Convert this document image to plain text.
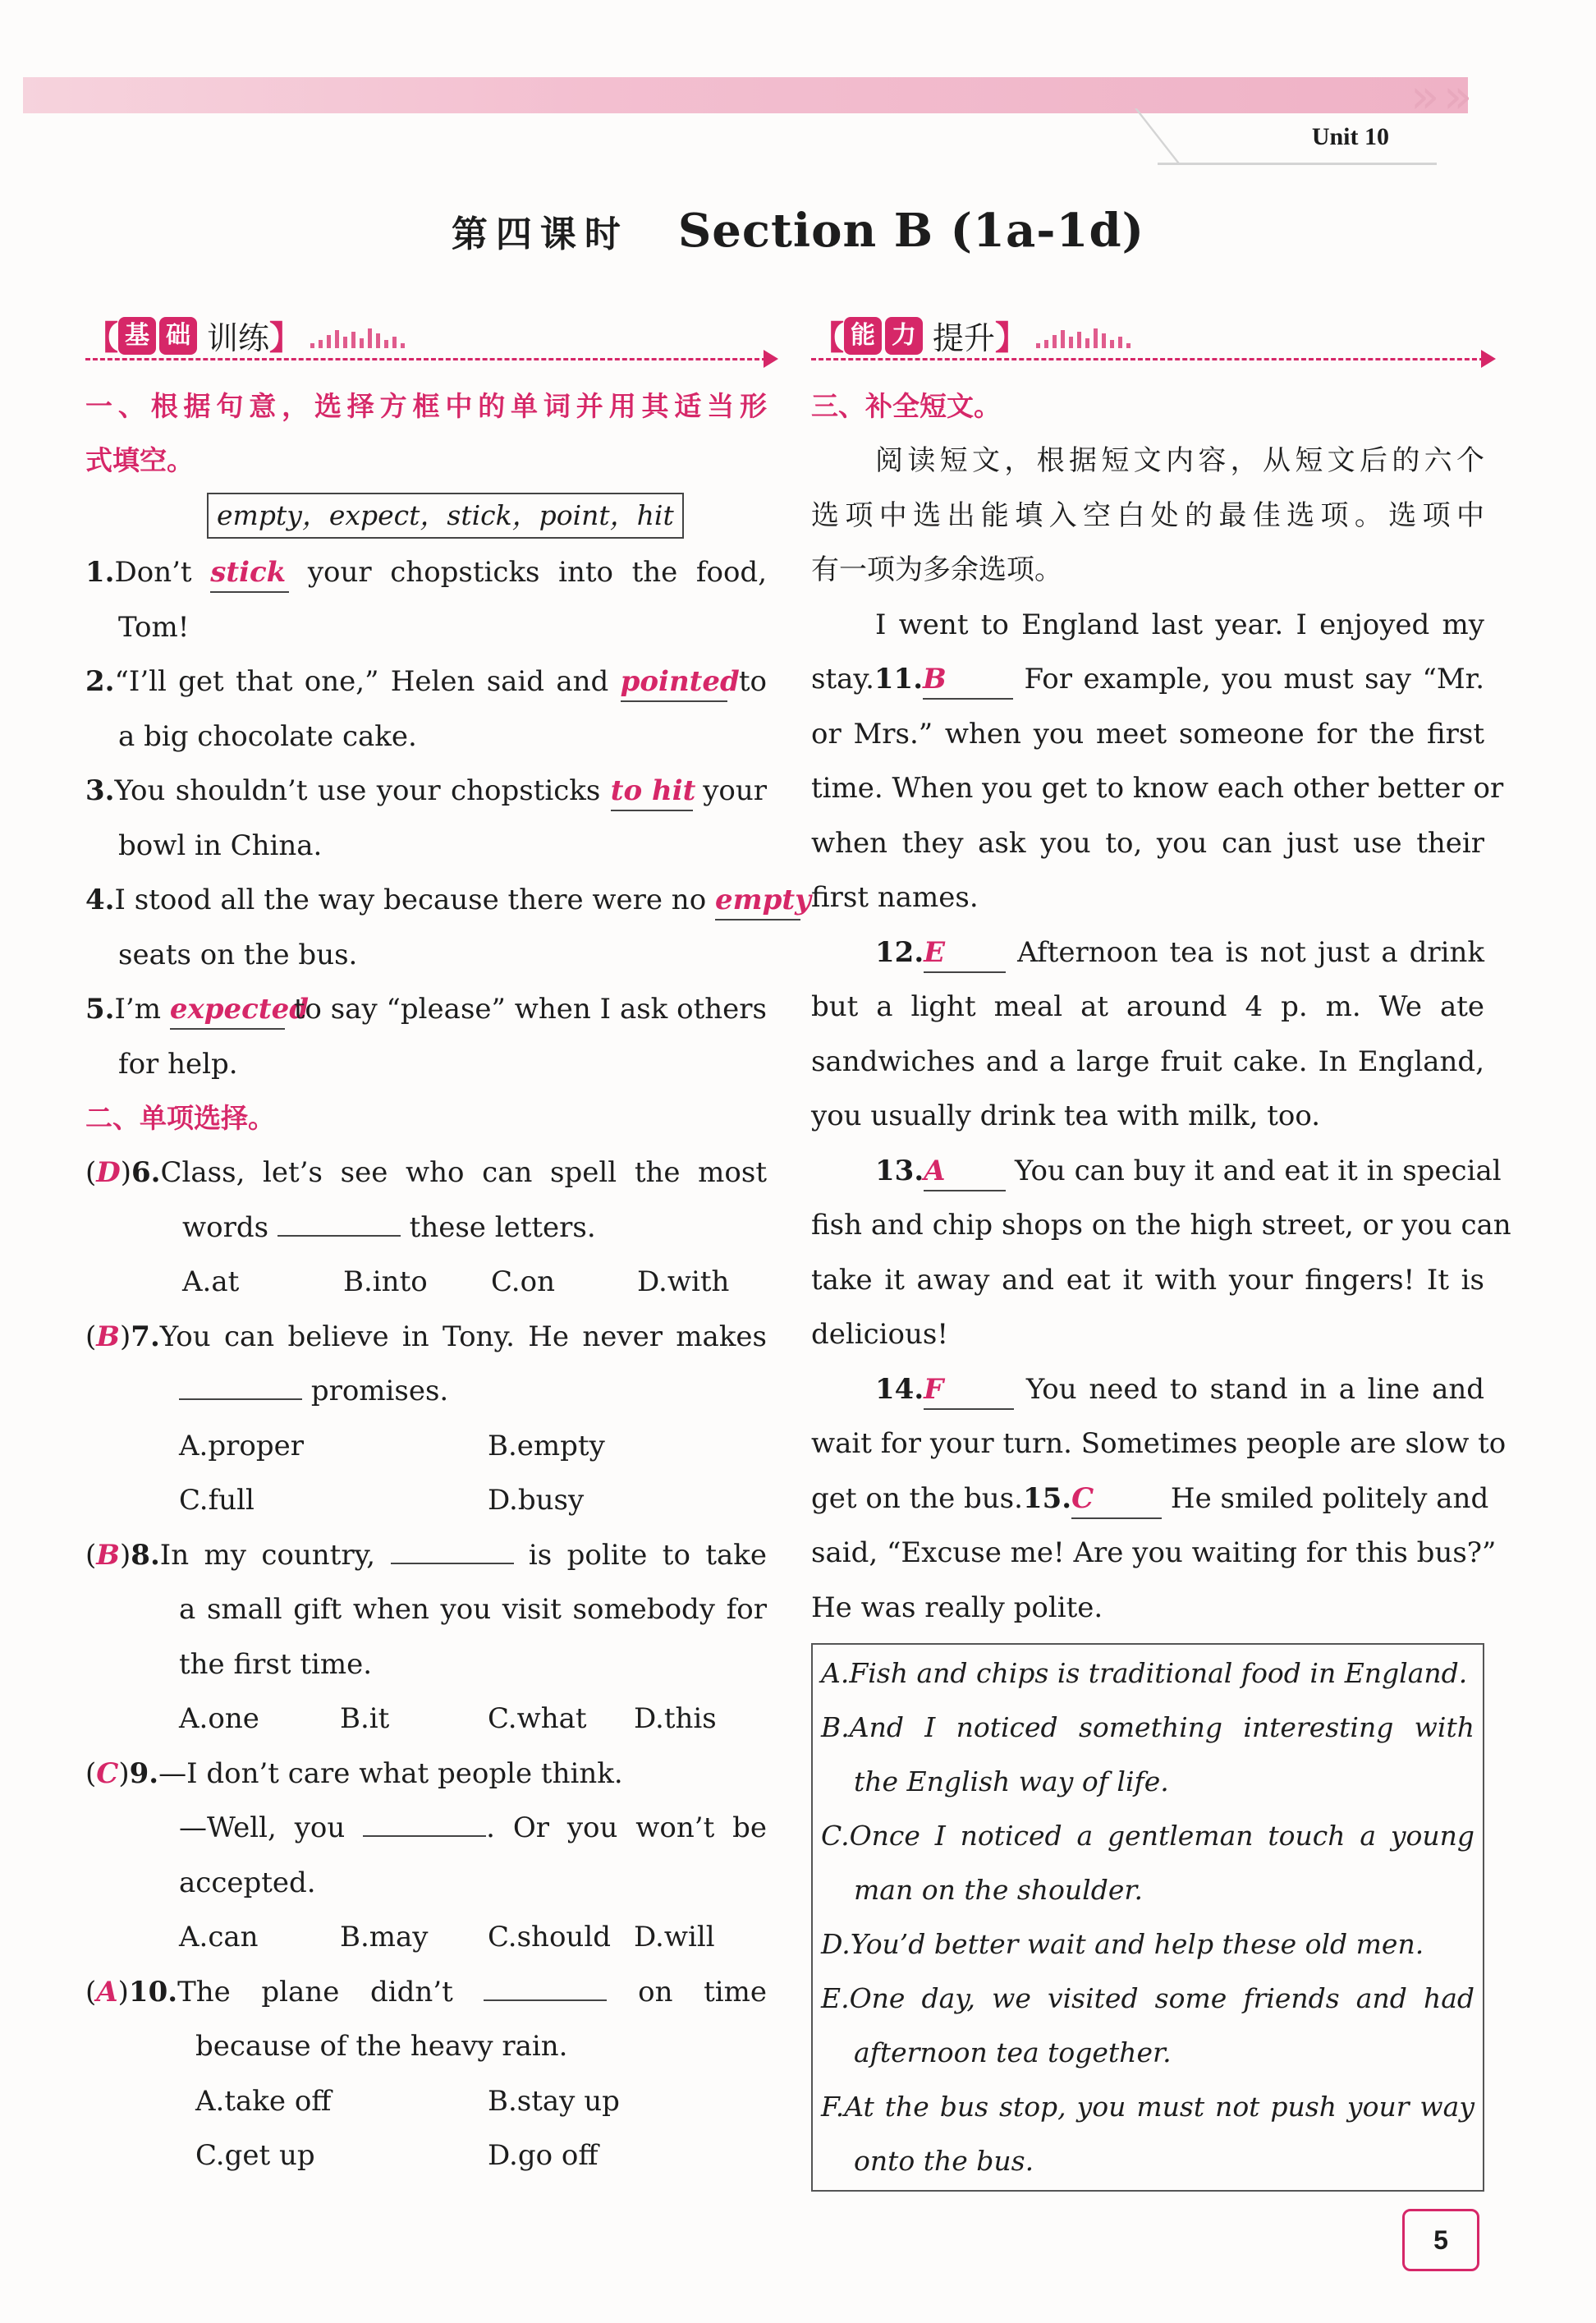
» »
Unit 10
第四课时 Section B (1a-1d)
【 基 础 训练 】
一、根据句意，选择方框中的单词并用其适当形
式填空。
empty，expect，stick，point，hit
1.Don’t stick your chopsticks into the food,
Tom!
2.“I’ll get that one,” Helen said and pointed to
a big chocolate cake.
3.You shouldn’t use your chopsticks to hit your
bowl in China.
4.I stood all the way because there were no empty
seats on the bus.
5.I’m expected to say “please” when I ask others
for help.
二、单项选择。
(D)6.Class, let’s see who can spell the most
words	these letters.
A.at	B.into	C.on	D.with
(B)7.You can believe in Tony. He never makes
promises.
A.proper	B.empty
C.full	D.busy
(B)8.In my country,	is polite to take
a small gift when you visit somebody for
the first time.
A.one	B.it	C.what	D.this
(C)9.—I don’t care what people think.
—Well, you	. Or you won’t be
accepted.
A.can	B.may	C.should D.will
(A)10.The plane didn’t	on time
because of the heavy rain.
A.take off	B.stay up
C.get up	D.go off
【 能 力 提升 】
三、补全短文。
阅读短文，根据短文内容，从短文后的六个
选项中选出能填入空白处的最佳选项。选项中
有一项为多余选项。
I went to England last year. I enjoyed my
stay.11.B	For example, you must say “Mr.
or Mrs.” when you meet someone for the first
time. When you get to know each other better or
when they ask you to, you can just use their
first names.
12.E	Afternoon tea is not just a drink
but a light meal at around 4 p. m. We ate
sandwiches and a large fruit cake. In England,
you usually drink tea with milk, too.
13.A You can buy it and eat it in special
fish and chip shops on the high street, or you can
take it away and eat it with your fingers! It is
delicious!
14.F	You need to stand in a line and
wait for your turn. Sometimes people are slow to
get on the bus.15.C	He smiled politely and
said, “Excuse me! Are you waiting for this bus?”
He was really polite.
A.Fish and chips is traditional food in England.
B.And I noticed something interesting with
the English way of life.
C.Once I noticed a gentleman touch a young
man on the shoulder.
D.You’d better wait and help these old men.
E.One day, we visited some friends and had
afternoon tea together.
F.At the bus stop, you must not push your way
onto the bus.
5
